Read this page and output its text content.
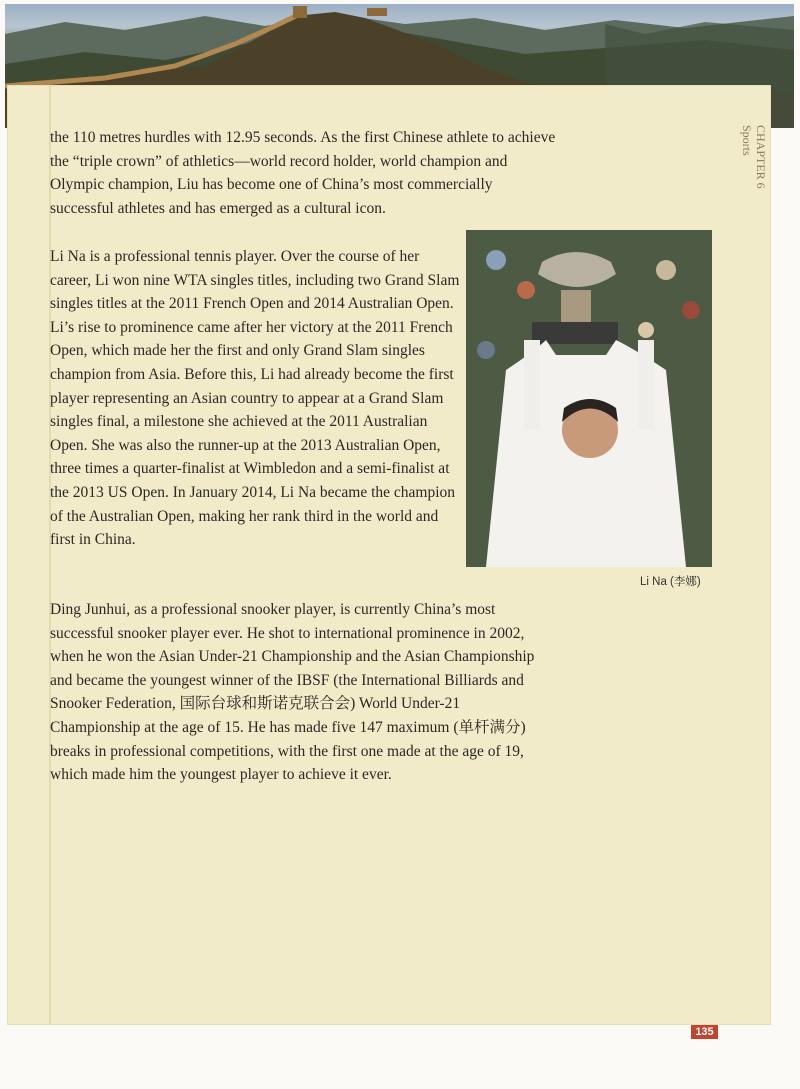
CHAPTER 6
Sports

the 110 metres hurdles with 12.95 seconds. As the first Chinese athlete to achieve the “triple crown” of athletics—world record holder, world champion and Olympic champion, Liu has become one of China’s most commercially successful athletes and has emerged as a cultural icon.

Li Na is a professional tennis player. Over the course of her career, Li won nine WTA singles titles, including two Grand Slam singles titles at the 2011 French Open and 2014 Australian Open. Li’s rise to prominence came after her victory at the 2011 French Open, which made her the first and only Grand Slam singles champion from Asia. Before this, Li had already become the first player representing an Asian country to appear at a Grand Slam singles final, a milestone she achieved at the 2011 Australian Open. She was also the runner-up at the 2013 Australian Open, three times a quarter-finalist at Wimbledon and a semi-finalist at the 2013 US Open. In January 2014, Li Na became the champion of the Australian Open, making her rank third in the world and first in China.

Li Na (李娜)

Ding Junhui, as a professional snooker player, is currently China’s most successful snooker player ever. He shot to international prominence in 2002, when he won the Asian Under-21 Championship and the Asian Championship and became the youngest winner of the IBSF (the International Billiards and Snooker Federation, 国际台球和斯诺克联合会) World Under-21 Championship at the age of 15. He has made five 147 maximum (单杆满分) breaks in professional competitions, with the first one made at the age of 19, which made him the youngest player to achieve it ever.

135
